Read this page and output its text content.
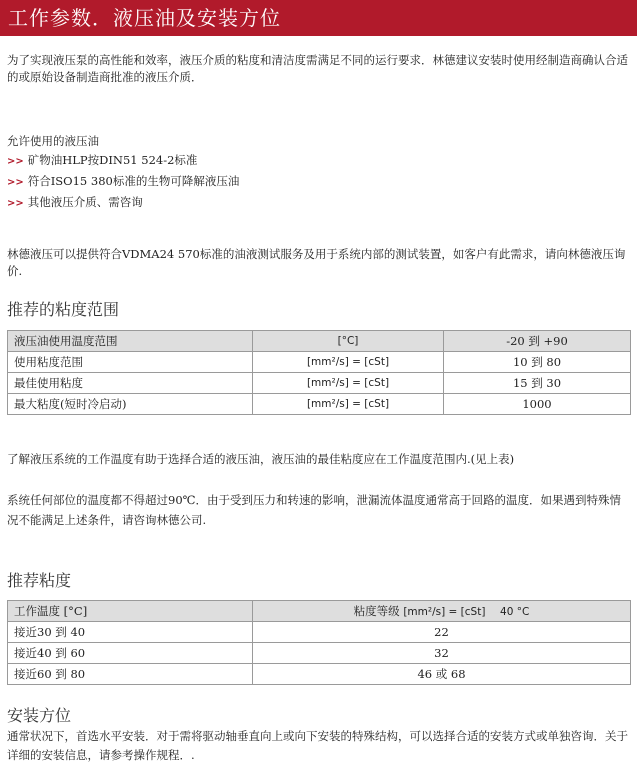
工作参数．液压油及安装方位
为了实现液压泵的高性能和效率，液压介质的粘度和清洁度需满足不同的运行要求．林德建议安装时使用经制造商确认合适的或原始设备制造商批准的液压介质．
允许使用的液压油
>> 矿物油HLP按DIN51 524-2标准
>> 符合ISO15 380标准的生物可降解液压油
>> 其他液压介质、需咨询
林德液压可以提供符合VDMA24 570标准的油液测试服务及用于系统内部的测试装置，如客户有此需求，请向林德液压询价.
推荐的粘度范围
液压油使用温度范围	[°C]	-20 到 +90
使用粘度范围	[mm²/s] = [cSt]	10 到 80
最佳使用粘度	[mm²/s] = [cSt]	15 到 30
最大粘度(短时冷启动)	[mm²/s] = [cSt]	1000
了解液压系统的工作温度有助于选择合适的液压油，液压油的最佳粘度应在工作温度范围内.(见上表)
系统任何部位的温度都不得超过90℃．由于受到压力和转速的影响，泄漏流体温度通常高于回路的温度．如果遇到特殊情况不能满足上述条件，请咨询林德公司.
推荐粘度
工作温度 [°C]	粘度等级 [mm²/s] = [cSt] 40 °C
接近30 到 40	22
接近40 到 60	32
接近60 到 80	46 或 68
安装方位
通常状况下，首选水平安装．对于需将驱动轴垂直向上或向下安装的特殊结构，可以选择合适的安装方式或单独咨询．关于详细的安装信息，请参考操作规程．.
